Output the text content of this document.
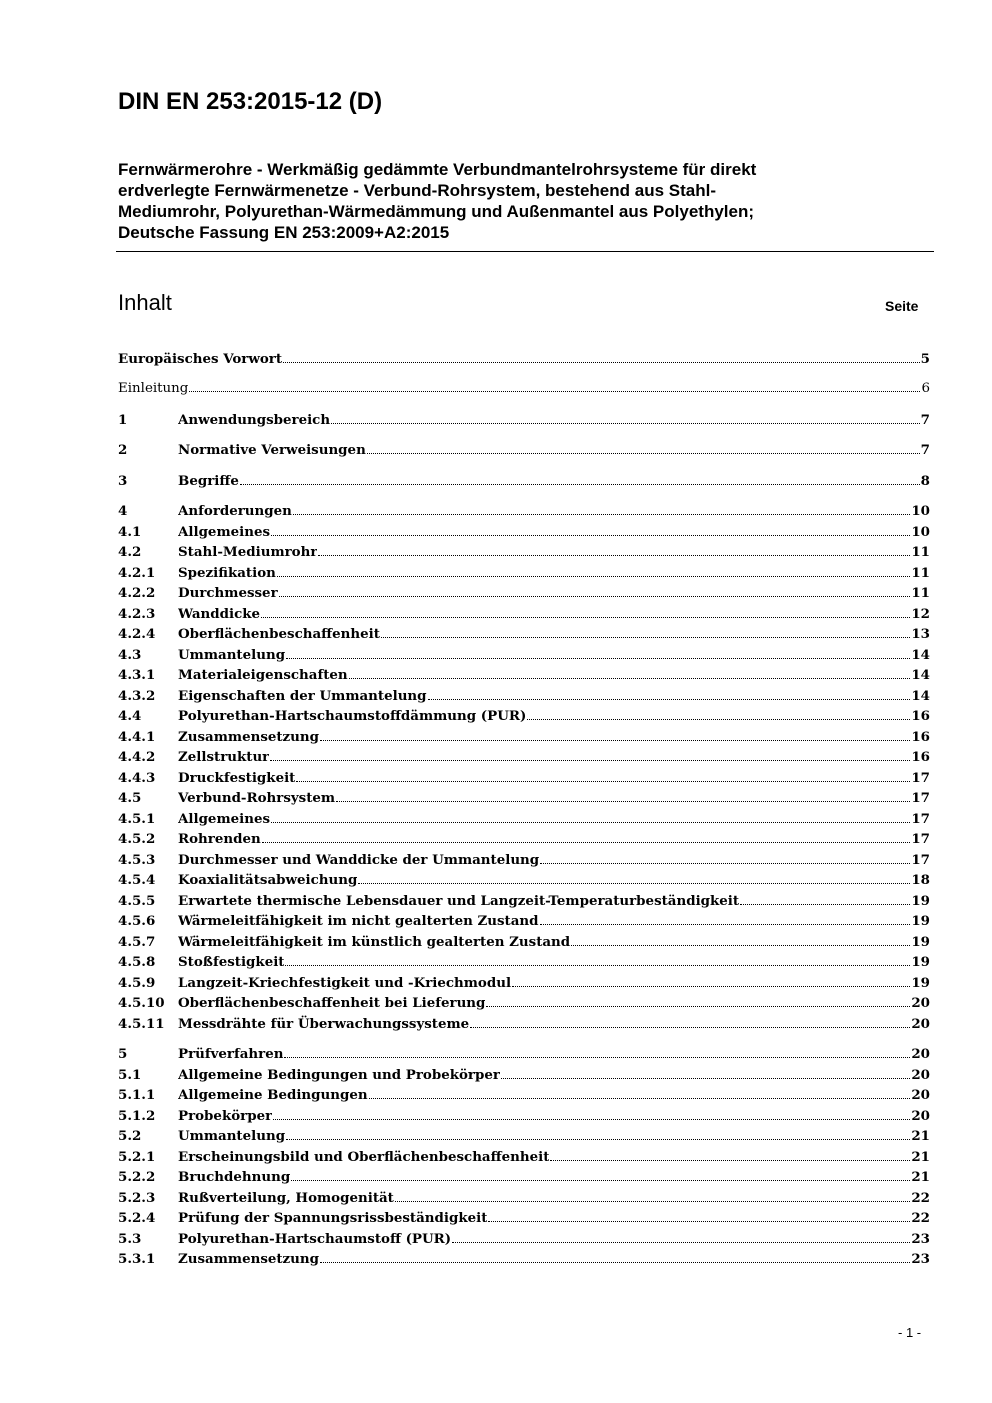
DIN EN 253:2015-12 (D)
Fernwärmerohre - Werkmäßig gedämmte Verbundmantelrohrsysteme für direkt
erdverlegte Fernwärmenetze - Verbund-Rohrsystem, bestehend aus Stahl-
Mediumrohr, Polyurethan-Wärmedämmung und Außenmantel aus Polyethylen;
Deutsche Fassung EN 253:2009+A2:2015
Inhalt	Seite
Europäisches Vorwort	5
Einleitung	6
1	Anwendungsbereich	7
2	Normative Verweisungen	7
3	Begriffe	8
4	Anforderungen	10
4.1	Allgemeines	10
4.2	Stahl-Mediumrohr	11
4.2.1	Spezifikation	11
4.2.2	Durchmesser	11
4.2.3	Wanddicke	12
4.2.4	Oberflächenbeschaffenheit	13
4.3	Ummantelung	14
4.3.1	Materialeigenschaften	14
4.3.2	Eigenschaften der Ummantelung	14
4.4	Polyurethan-Hartschaumstoffdämmung (PUR)	16
4.4.1	Zusammensetzung	16
4.4.2	Zellstruktur	16
4.4.3	Druckfestigkeit	17
4.5	Verbund-Rohrsystem	17
4.5.1	Allgemeines	17
4.5.2	Rohrenden	17
4.5.3	Durchmesser und Wanddicke der Ummantelung	17
4.5.4	Koaxialitätsabweichung	18
4.5.5	Erwartete thermische Lebensdauer und Langzeit-Temperaturbeständigkeit	19
4.5.6	Wärmeleitfähigkeit im nicht gealterten Zustand	19
4.5.7	Wärmeleitfähigkeit im künstlich gealterten Zustand	19
4.5.8	Stoßfestigkeit	19
4.5.9	Langzeit-Kriechfestigkeit und -Kriechmodul	19
4.5.10	Oberflächenbeschaffenheit bei Lieferung	20
4.5.11	Messdrähte für Überwachungssysteme	20
5	Prüfverfahren	20
5.1	Allgemeine Bedingungen und Probekörper	20
5.1.1	Allgemeine Bedingungen	20
5.1.2	Probekörper	20
5.2	Ummantelung	21
5.2.1	Erscheinungsbild und Oberflächenbeschaffenheit	21
5.2.2	Bruchdehnung	21
5.2.3	Rußverteilung, Homogenität	22
5.2.4	Prüfung der Spannungsrissbeständigkeit	22
5.3	Polyurethan-Hartschaumstoff (PUR)	23
5.3.1	Zusammensetzung	23
- 1 -
